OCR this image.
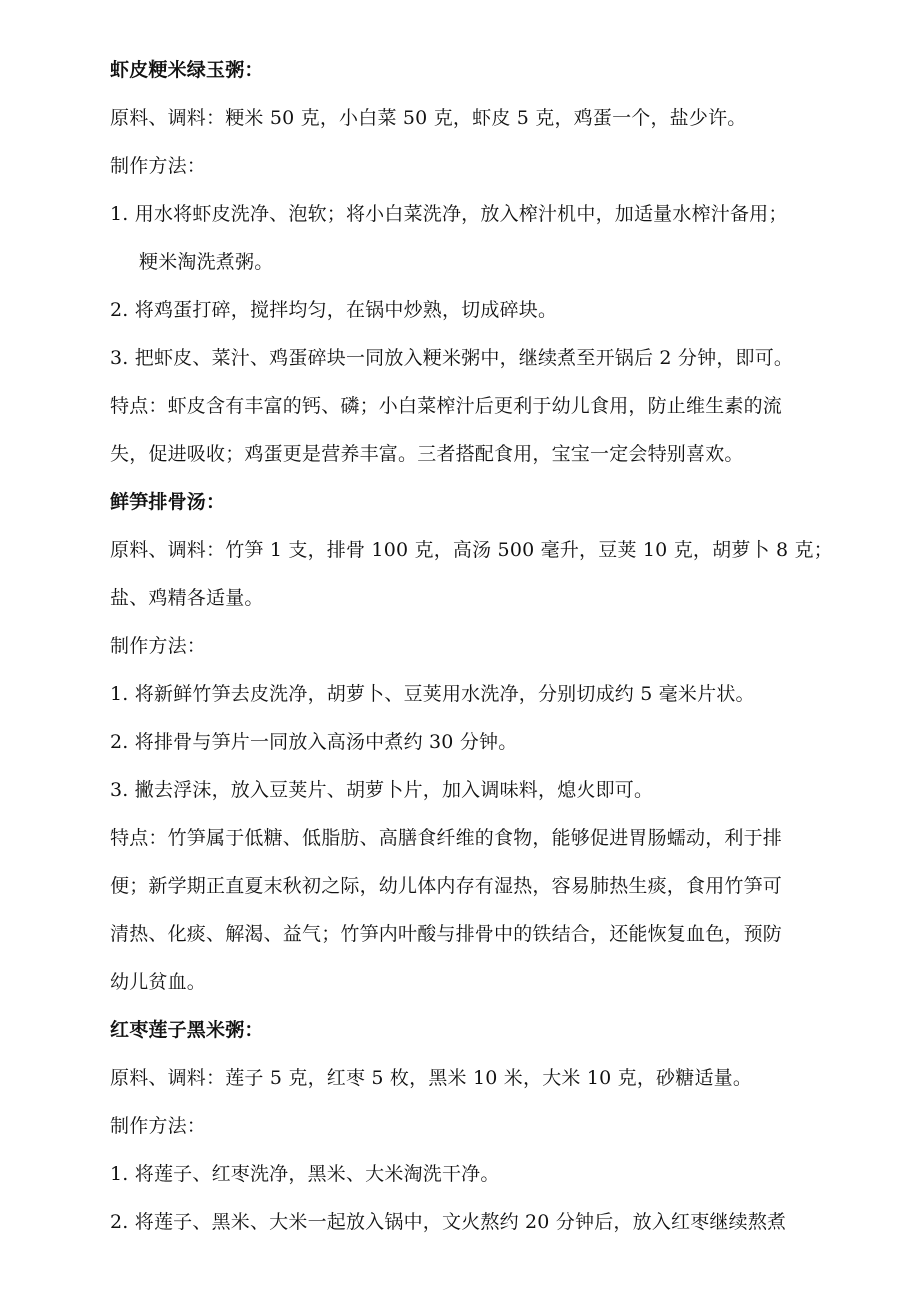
虾皮粳米绿玉粥：
原料、调料：粳米 50 克，小白菜 50 克，虾皮 5 克，鸡蛋一个，盐少许。
制作方法：
1. 用水将虾皮洗净、泡软；将小白菜洗净，放入榨汁机中，加适量水榨汁备用；
粳米淘洗煮粥。
2. 将鸡蛋打碎，搅拌均匀，在锅中炒熟，切成碎块。
3. 把虾皮、菜汁、鸡蛋碎块一同放入粳米粥中，继续煮至开锅后 2 分钟，即可。
特点：虾皮含有丰富的钙、磷；小白菜榨汁后更利于幼儿食用，防止维生素的流
失，促进吸收；鸡蛋更是营养丰富。三者搭配食用，宝宝一定会特别喜欢。
鲜笋排骨汤：
原料、调料：竹笋 1 支，排骨 100 克，高汤 500 毫升，豆荚 10 克，胡萝卜 8 克；
盐、鸡精各适量。
制作方法：
1. 将新鲜竹笋去皮洗净，胡萝卜、豆荚用水洗净，分别切成约 5 毫米片状。
2. 将排骨与笋片一同放入高汤中煮约 30 分钟。
3. 撇去浮沫，放入豆荚片、胡萝卜片，加入调味料，熄火即可。
特点：竹笋属于低糖、低脂肪、高膳食纤维的食物，能够促进胃肠蠕动，利于排
便；新学期正直夏末秋初之际，幼儿体内存有湿热，容易肺热生痰，食用竹笋可
清热、化痰、解渴、益气；竹笋内叶酸与排骨中的铁结合，还能恢复血色，预防
幼儿贫血。
红枣莲子黑米粥：
原料、调料：莲子 5 克，红枣 5 枚，黑米 10 米，大米 10 克，砂糖适量。
制作方法：
1. 将莲子、红枣洗净，黑米、大米淘洗干净。
2. 将莲子、黑米、大米一起放入锅中，文火熬约 20 分钟后，放入红枣继续熬煮
